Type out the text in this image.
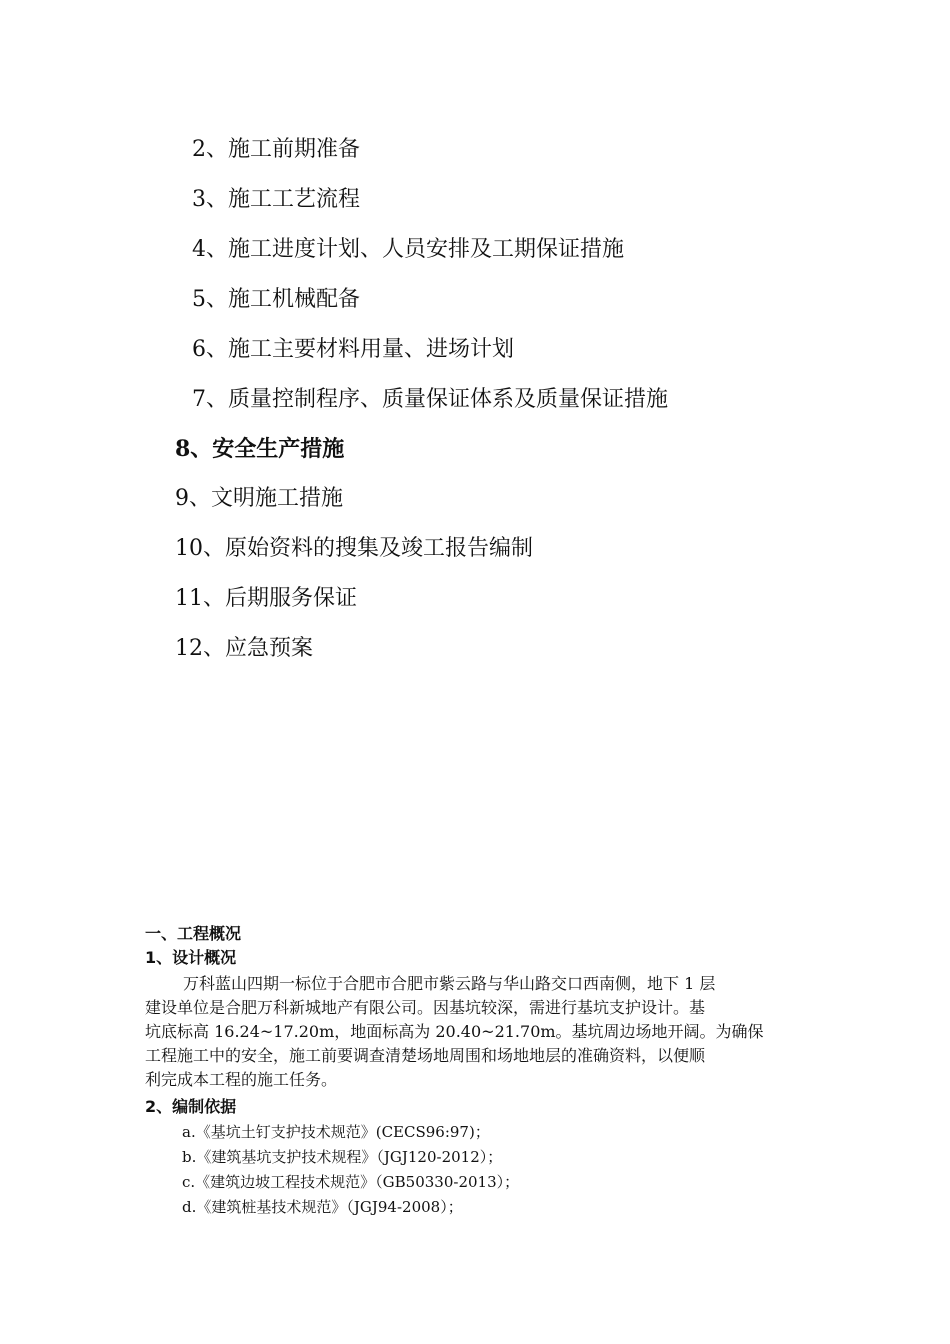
2、施工前期准备
3、施工工艺流程
4、施工进度计划、人员安排及工期保证措施
5、施工机械配备
6、施工主要材料用量、进场计划
7、质量控制程序、质量保证体系及质量保证措施
8、安全生产措施
9、文明施工措施
10、原始资料的搜集及竣工报告编制
11、后期服务保证
12、应急预案
一、工程概况
1、设计概况
万科蓝山四期一标位于合肥市合肥市紫云路与华山路交口西南侧，地下 1 层
建设单位是合肥万科新城地产有限公司。因基坑较深，需进行基坑支护设计。基
坑底标高 16.24~17.20m，地面标高为 20.40~21.70m。基坑周边场地开阔。为确保
工程施工中的安全，施工前要调查清楚场地周围和场地地层的准确资料，以便顺
利完成本工程的施工任务。
2、编制依据
a.《基坑土钉支护技术规范》(CECS96:97)；
b.《建筑基坑支护技术规程》（JGJ120-2012）；
c.《建筑边坡工程技术规范》（GB50330-2013）；
d.《建筑桩基技术规范》（JGJ94-2008）；
